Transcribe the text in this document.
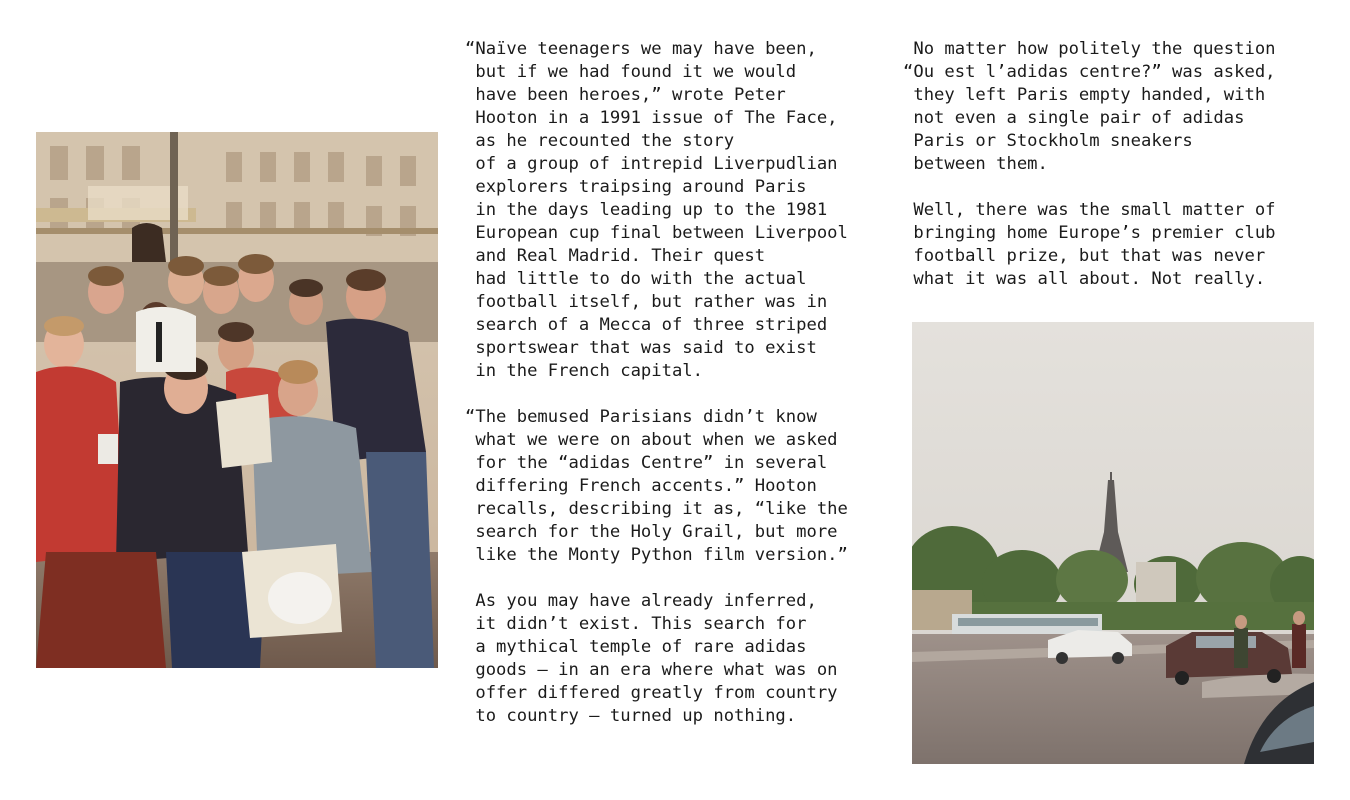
“Naïve teenagers we may have been,
but if we had found it we would
have been heroes,” wrote Peter
Hooton in a 1991 issue of The Face,
as he recounted the story
of a group of intrepid Liverpudlian
explorers traipsing around Paris
in the days leading up to the 1981
European cup final between Liverpool
and Real Madrid. Their quest
had little to do with the actual
football itself, but rather was in
search of a Mecca of three striped
sportswear that was said to exist
in the French capital.

“The bemused Parisians didn’t know
what we were on about when we asked
for the “adidas Centre” in several
differing French accents.” Hooton
recalls, describing it as, “like the
search for the Holy Grail, but more
like the Monty Python film version.”

As you may have already inferred,
it didn’t exist. This search for
a mythical temple of rare adidas
goods — in an era where what was on
offer differed greatly from country
to country — turned up nothing.

No matter how politely the question
“Ou est l’adidas centre?” was asked,
they left Paris empty handed, with
not even a single pair of adidas
Paris or Stockholm sneakers
between them.

Well, there was the small matter of
bringing home Europe’s premier club
football prize, but that was never
what it was all about. Not really.
